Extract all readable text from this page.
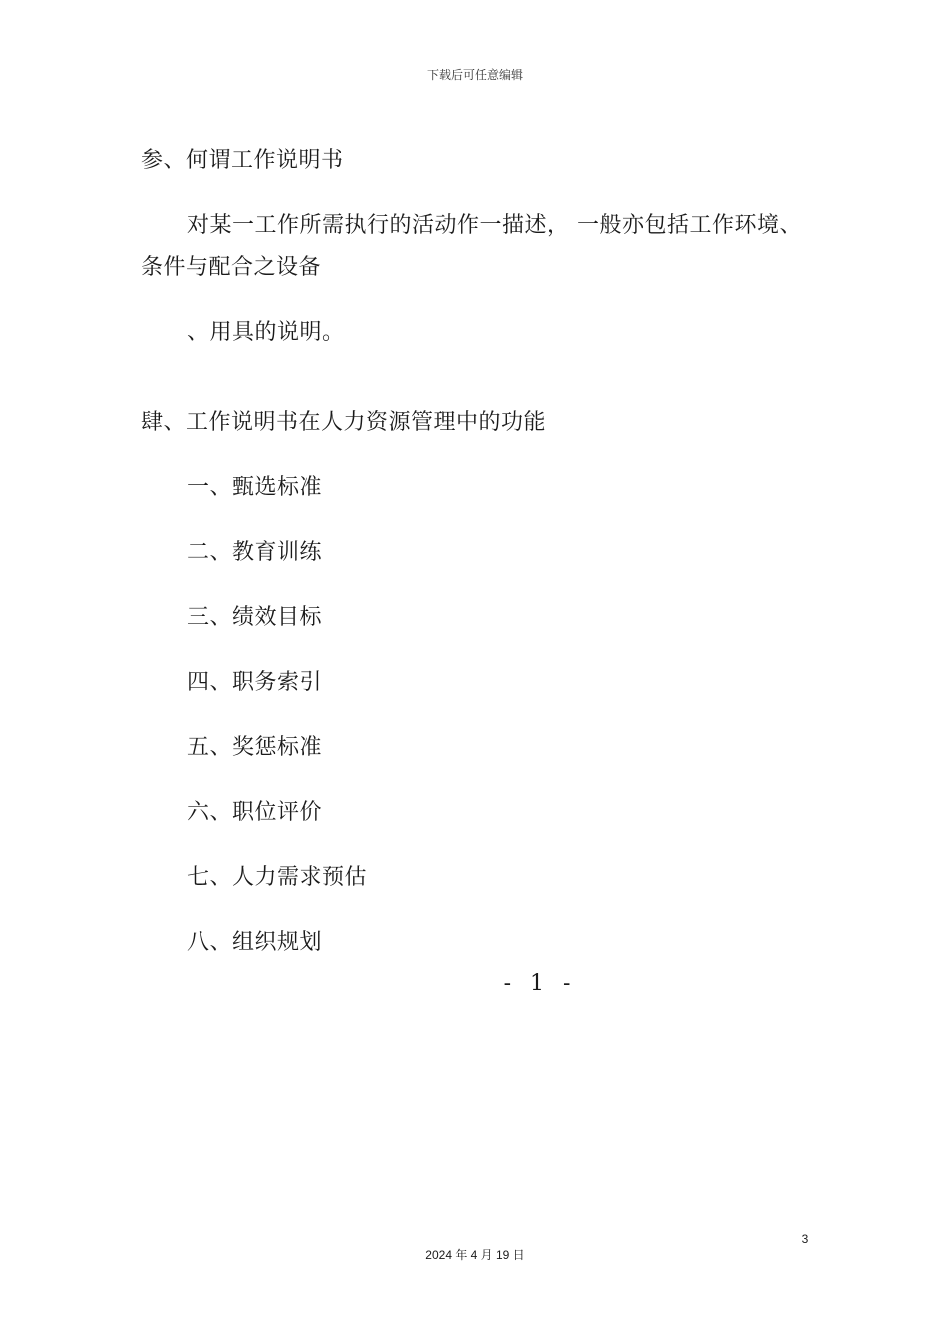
下载后可任意编辑
参、何谓工作说明书
对某一工作所需执行的活动作一描述， 一般亦包括工作环境、
条件与配合之设备
、用具的说明。
肆、工作说明书在人力资源管理中的功能
一、甄选标准
二、教育训练
三、绩效目标
四、职务索引
五、奖惩标准
六、职位评价
七、人力需求预估
八、组织规划
- 1 -
3
2024 年 4 月 19 日
